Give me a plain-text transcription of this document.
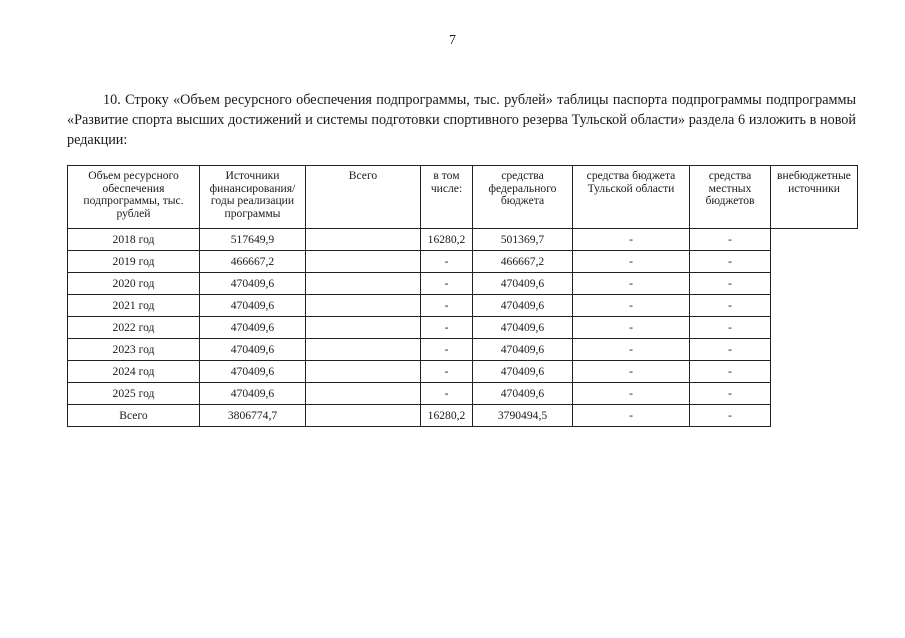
7
10. Строку «Объем ресурсного обеспечения подпрограммы, тыс. рублей» таблицы паспорта подпрограммы подпрограммы «Развитие спорта высших достижений и системы подготовки спортивного резерва Тульской области» раздела 6 изложить в новой редакции:
Объем ресурсного обеспечения подпрограммы, тыс. рублей	Источники финансирования/ годы реализации программы	Всего	в том числе:	средства федерального бюджета	средства бюджета Тульской области	средства местных бюджетов	внебюджетные источники
2018 год	517649,9		16280,2	501369,7	-	-	
2019 год	466667,2		-	466667,2	-	-	
2020 год	470409,6		-	470409,6	-	-	
2021 год	470409,6		-	470409,6	-	-	
2022 год	470409,6		-	470409,6	-	-	
2023 год	470409,6		-	470409,6	-	-	
2024 год	470409,6		-	470409,6	-	-	
2025 год	470409,6		-	470409,6	-	-	
Всего	3806774,7		16280,2	3790494,5	-	-	
